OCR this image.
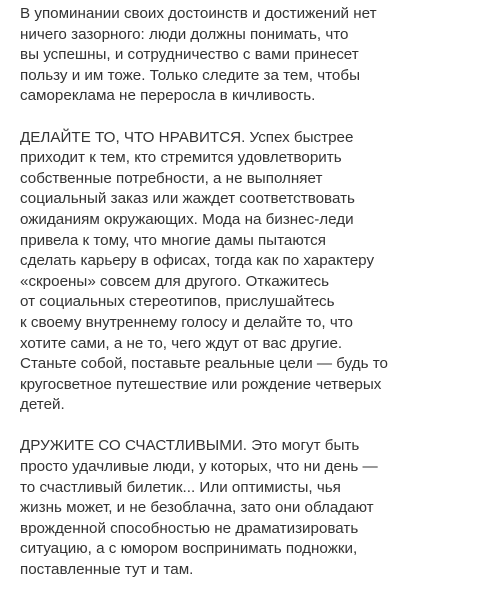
В упоминании своих достоинств и достижений нет
ничего зазорного: люди должны понимать, что
вы успешны, и сотрудничество с вами принесет
пользу и им тоже. Только следите за тем, чтобы
самореклама не переросла в кичливость.
ДЕЛАЙТЕ ТО, ЧТО НРАВИТСЯ. Успех быстрее
приходит к тем, кто стремится удовлетворить
собственные потребности, а не выполняет
социальный заказ или жаждет соответствовать
ожиданиям окружающих. Мода на бизнес-леди
привела к тому, что многие дамы пытаются
сделать карьеру в офисах, тогда как по характеру
«скроены» совсем для другого. Откажитесь
от социальных стереотипов, прислушайтесь
к своему внутреннему голосу и делайте то, что
хотите сами, а не то, чего ждут от вас другие.
Станьте собой, поставьте реальные цели — будь то
кругосветное путешествие или рождение четверых
детей.
ДРУЖИТЕ СО СЧАСТЛИВЫМИ. Это могут быть
просто удачливые люди, у которых, что ни день —
то счастливый билетик... Или оптимисты, чья
жизнь может, и не безоблачна, зато они обладают
врожденной способностью не драматизировать
ситуацию, а с юмором воспринимать подножки,
поставленные тут и там.
